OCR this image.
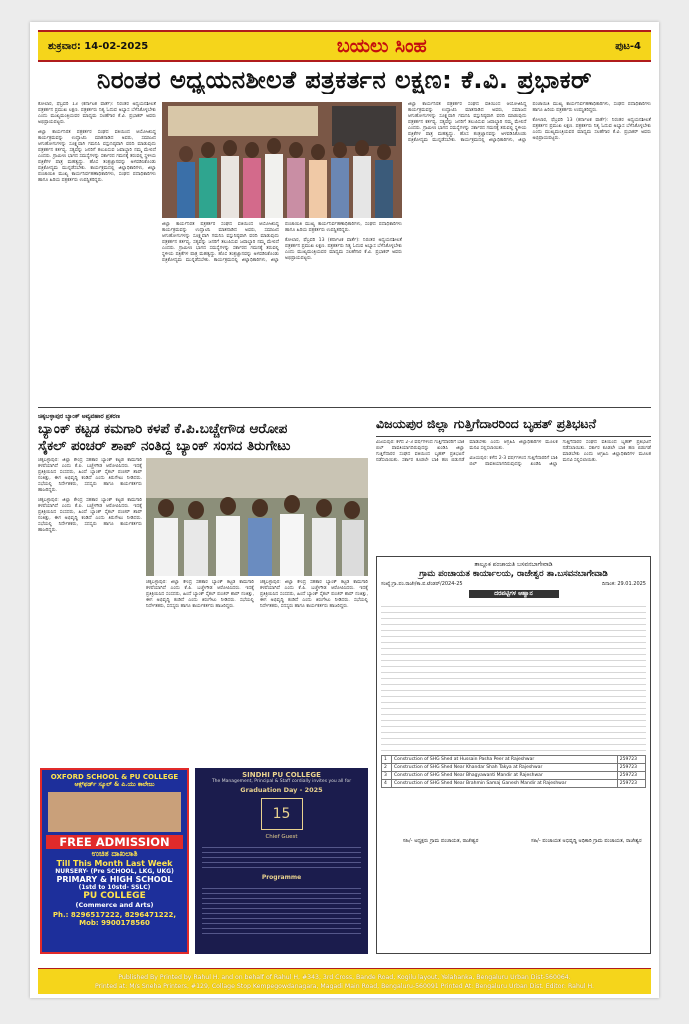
ಶುಕ್ರವಾರ: 14-02-2025	ಬಯಲು ಸಿಂಹ	ಪುಟ-4
ನಿರಂತರ ಅಧ್ಯಯನಶೀಲತೆ ಪತ್ರಕರ್ತನ ಲಕ್ಷಣ: ಕೆ.ವಿ. ಪ್ರಭಾಕರ್

ಕೋಲಾರ, ಫೆಬ್ರವರಿ 13 (ಕರ್ನಾಟಕ ವಾರ್ತೆ): ನಿರಂತರ ಅಧ್ಯಯನಶೀಲತೆ ಪತ್ರಕರ್ತನ ಪ್ರಮುಖ ಲಕ್ಷಣ. ಪತ್ರಕರ್ತರು ನಿತ್ಯ ಓದುವ ಅಭ್ಯಾಸ ಬೆಳೆಸಿಕೊಳ್ಳಬೇಕು ಎಂದು ಮುಖ್ಯಮಂತ್ರಿಯವರ ಮಾಧ್ಯಮ ಸಲಹೆಗಾರ ಕೆ.ವಿ. ಪ್ರಭಾಕರ್ ಅವರು ಅಭಿಪ್ರಾಯಪಟ್ಟರು.

ಜಿಲ್ಲಾ ಕಾರ್ಯನಿರತ ಪತ್ರಕರ್ತರ ಸಂಘದ ವತಿಯಿಂದ ಆಯೋಜಿಸಿದ್ದ ಕಾರ್ಯಕ್ರಮವನ್ನು ಉದ್ಘಾಟಿಸಿ ಮಾತನಾಡಿದ ಅವರು, ಸಮಾಜದ ಆಗುಹೋಗುಗಳನ್ನು ಸೂಕ್ಷ್ಮವಾಗಿ ಗಮನಿಸಿ ವಸ್ತುನಿಷ್ಠವಾಗಿ ವರದಿ ಮಾಡುವುದು ಪತ್ರಕರ್ತನ ಕರ್ತವ್ಯ. ಸತ್ಯವನ್ನು ಜನರಿಗೆ ತಲುಪಿಸುವ ಜವಾಬ್ದಾರಿ ನಮ್ಮ ಮೇಲಿದೆ ಎಂದರು. ಗ್ರಾಮೀಣ ಭಾಗದ ಸಮಸ್ಯೆಗಳನ್ನು ಸರ್ಕಾರದ ಗಮನಕ್ಕೆ ತರುವಲ್ಲಿ ಸ್ಥಳೀಯ ಪತ್ರಿಕೆಗಳ ಪಾತ್ರ ಮಹತ್ವದ್ದು. ಹೊಸ ತಂತ್ರಜ್ಞಾನವನ್ನು ಅಳವಡಿಸಿಕೊಂಡು ಪತ್ರಿಕೋದ್ಯಮ ಮುನ್ನಡೆಸಬೇಕು. ಕಾರ್ಯಕ್ರಮದಲ್ಲಿ ಜಿಲ್ಲಾಧಿಕಾರಿಗಳು, ಜಿಲ್ಲಾ ಪಂಚಾಯಿತಿ ಮುಖ್ಯ ಕಾರ್ಯನಿರ್ವಹಣಾಧಿಕಾರಿಗಳು, ಸಂಘದ ಪದಾಧಿಕಾರಿಗಳು ಹಾಗೂ ಹಿರಿಯ ಪತ್ರಕರ್ತರು ಉಪಸ್ಥಿತರಿದ್ದರು.

ಜಿಲ್ಲಾ ಕಾರ್ಯನಿರತ ಪತ್ರಕರ್ತರ ಸಂಘದ ವತಿಯಿಂದ ಆಯೋಜಿಸಿದ್ದ ಕಾರ್ಯಕ್ರಮವನ್ನು ಉದ್ಘಾಟಿಸಿ ಮಾತನಾಡಿದ ಅವರು, ಸಮಾಜದ ಆಗುಹೋಗುಗಳನ್ನು ಸೂಕ್ಷ್ಮವಾಗಿ ಗಮನಿಸಿ ವಸ್ತುನಿಷ್ಠವಾಗಿ ವರದಿ ಮಾಡುವುದು ಪತ್ರಕರ್ತನ ಕರ್ತವ್ಯ. ಸತ್ಯವನ್ನು ಜನರಿಗೆ ತಲುಪಿಸುವ ಜವಾಬ್ದಾರಿ ನಮ್ಮ ಮೇಲಿದೆ ಎಂದರು. ಗ್ರಾಮೀಣ ಭಾಗದ ಸಮಸ್ಯೆಗಳನ್ನು ಸರ್ಕಾರದ ಗಮನಕ್ಕೆ ತರುವಲ್ಲಿ ಸ್ಥಳೀಯ ಪತ್ರಿಕೆಗಳ ಪಾತ್ರ ಮಹತ್ವದ್ದು. ಹೊಸ ತಂತ್ರಜ್ಞಾನವನ್ನು ಅಳವಡಿಸಿಕೊಂಡು ಪತ್ರಿಕೋದ್ಯಮ ಮುನ್ನಡೆಸಬೇಕು. ಕಾರ್ಯಕ್ರಮದಲ್ಲಿ ಜಿಲ್ಲಾಧಿಕಾರಿಗಳು, ಜಿಲ್ಲಾ ಪಂಚಾಯಿತಿ ಮುಖ್ಯ ಕಾರ್ಯನಿರ್ವಹಣಾಧಿಕಾರಿಗಳು, ಸಂಘದ ಪದಾಧಿಕಾರಿಗಳು ಹಾಗೂ ಹಿರಿಯ ಪತ್ರಕರ್ತರು ಉಪಸ್ಥಿತರಿದ್ದರು.

ಕೋಲಾರ, ಫೆಬ್ರವರಿ 13 (ಕರ್ನಾಟಕ ವಾರ್ತೆ): ನಿರಂತರ ಅಧ್ಯಯನಶೀಲತೆ ಪತ್ರಕರ್ತನ ಪ್ರಮುಖ ಲಕ್ಷಣ. ಪತ್ರಕರ್ತರು ನಿತ್ಯ ಓದುವ ಅಭ್ಯಾಸ ಬೆಳೆಸಿಕೊಳ್ಳಬೇಕು ಎಂದು ಮುಖ್ಯಮಂತ್ರಿಯವರ ಮಾಧ್ಯಮ ಸಲಹೆಗಾರ ಕೆ.ವಿ. ಪ್ರಭಾಕರ್ ಅವರು ಅಭಿಪ್ರಾಯಪಟ್ಟರು.

ಜಿಲ್ಲಾ ಕಾರ್ಯನಿರತ ಪತ್ರಕರ್ತರ ಸಂಘದ ವತಿಯಿಂದ ಆಯೋಜಿಸಿದ್ದ ಕಾರ್ಯಕ್ರಮವನ್ನು ಉದ್ಘಾಟಿಸಿ ಮಾತನಾಡಿದ ಅವರು, ಸಮಾಜದ ಆಗುಹೋಗುಗಳನ್ನು ಸೂಕ್ಷ್ಮವಾಗಿ ಗಮನಿಸಿ ವಸ್ತುನಿಷ್ಠವಾಗಿ ವರದಿ ಮಾಡುವುದು ಪತ್ರಕರ್ತನ ಕರ್ತವ್ಯ. ಸತ್ಯವನ್ನು ಜನರಿಗೆ ತಲುಪಿಸುವ ಜವಾಬ್ದಾರಿ ನಮ್ಮ ಮೇಲಿದೆ ಎಂದರು. ಗ್ರಾಮೀಣ ಭಾಗದ ಸಮಸ್ಯೆಗಳನ್ನು ಸರ್ಕಾರದ ಗಮನಕ್ಕೆ ತರುವಲ್ಲಿ ಸ್ಥಳೀಯ ಪತ್ರಿಕೆಗಳ ಪಾತ್ರ ಮಹತ್ವದ್ದು. ಹೊಸ ತಂತ್ರಜ್ಞಾನವನ್ನು ಅಳವಡಿಸಿಕೊಂಡು ಪತ್ರಿಕೋದ್ಯಮ ಮುನ್ನಡೆಸಬೇಕು. ಕಾರ್ಯಕ್ರಮದಲ್ಲಿ ಜಿಲ್ಲಾಧಿಕಾರಿಗಳು, ಜಿಲ್ಲಾ ಪಂಚಾಯಿತಿ ಮುಖ್ಯ ಕಾರ್ಯನಿರ್ವಹಣಾಧಿಕಾರಿಗಳು, ಸಂಘದ ಪದಾಧಿಕಾರಿಗಳು ಹಾಗೂ ಹಿರಿಯ ಪತ್ರಕರ್ತರು ಉಪಸ್ಥಿತರಿದ್ದರು.

ಕೋಲಾರ, ಫೆಬ್ರವರಿ 13 (ಕರ್ನಾಟಕ ವಾರ್ತೆ): ನಿರಂತರ ಅಧ್ಯಯನಶೀಲತೆ ಪತ್ರಕರ್ತನ ಪ್ರಮುಖ ಲಕ್ಷಣ. ಪತ್ರಕರ್ತರು ನಿತ್ಯ ಓದುವ ಅಭ್ಯಾಸ ಬೆಳೆಸಿಕೊಳ್ಳಬೇಕು ಎಂದು ಮುಖ್ಯಮಂತ್ರಿಯವರ ಮಾಧ್ಯಮ ಸಲಹೆಗಾರ ಕೆ.ವಿ. ಪ್ರಭಾಕರ್ ಅವರು ಅಭಿಪ್ರಾಯಪಟ್ಟರು.

ಚಿಕ್ಕಬಳ್ಳಾಪುರ ಬ್ಯಾಂಕ್ ಅವ್ಯವಹಾರ ಪ್ರಕರಣ
ಬ್ಯಾಂಕ್ ಕಟ್ಟಡ ಕಮಗಾರಿ ಕಳಪೆ ಕೆ.ಪಿ.ಬಚ್ಚೇಗೌಡ ಆರೋಪ
ಸೈಕಲ್ ಪಂಚರ್ ಶಾಪ್ ನಂತಿದ್ದ ಬ್ಯಾಂಕ್ ಸಂಸದ ತಿರುಗೇಟು

ಚಿಕ್ಕಬಳ್ಳಾಪುರ: ಜಿಲ್ಲಾ ಕೇಂದ್ರ ಸಹಕಾರ ಬ್ಯಾಂಕ್ ಕಟ್ಟಡ ಕಾಮಗಾರಿ ಕಳಪೆಯಾಗಿದೆ ಎಂದು ಕೆ.ಪಿ. ಬಚ್ಚೇಗೌಡ ಆರೋಪಿಸಿದರು. ಇದಕ್ಕೆ ಪ್ರತಿಕ್ರಿಯಿಸಿದ ಸಂಸದರು, ಹಿಂದೆ ಬ್ಯಾಂಕ್ ಸೈಕಲ್ ಪಂಚರ್ ಶಾಪ್ ನಂತಿತ್ತು, ಈಗ ಅಭಿವೃದ್ಧಿ ಕಂಡಿದೆ ಎಂದು ತಿರುಗೇಟು ನೀಡಿದರು. ಸಭೆಯಲ್ಲಿ ನಿರ್ದೇಶಕರು, ಸದಸ್ಯರು ಹಾಗೂ ಕಾರ್ಯಕರ್ತರು ಹಾಜರಿದ್ದರು.

ಚಿಕ್ಕಬಳ್ಳಾಪುರ: ಜಿಲ್ಲಾ ಕೇಂದ್ರ ಸಹಕಾರ ಬ್ಯಾಂಕ್ ಕಟ್ಟಡ ಕಾಮಗಾರಿ ಕಳಪೆಯಾಗಿದೆ ಎಂದು ಕೆ.ಪಿ. ಬಚ್ಚೇಗೌಡ ಆರೋಪಿಸಿದರು. ಇದಕ್ಕೆ ಪ್ರತಿಕ್ರಿಯಿಸಿದ ಸಂಸದರು, ಹಿಂದೆ ಬ್ಯಾಂಕ್ ಸೈಕಲ್ ಪಂಚರ್ ಶಾಪ್ ನಂತಿತ್ತು, ಈಗ ಅಭಿವೃದ್ಧಿ ಕಂಡಿದೆ ಎಂದು ತಿರುಗೇಟು ನೀಡಿದರು. ಸಭೆಯಲ್ಲಿ ನಿರ್ದೇಶಕರು, ಸದಸ್ಯರು ಹಾಗೂ ಕಾರ್ಯಕರ್ತರು ಹಾಜರಿದ್ದರು.

ಚಿಕ್ಕಬಳ್ಳಾಪುರ: ಜಿಲ್ಲಾ ಕೇಂದ್ರ ಸಹಕಾರ ಬ್ಯಾಂಕ್ ಕಟ್ಟಡ ಕಾಮಗಾರಿ ಕಳಪೆಯಾಗಿದೆ ಎಂದು ಕೆ.ಪಿ. ಬಚ್ಚೇಗೌಡ ಆರೋಪಿಸಿದರು. ಇದಕ್ಕೆ ಪ್ರತಿಕ್ರಿಯಿಸಿದ ಸಂಸದರು, ಹಿಂದೆ ಬ್ಯಾಂಕ್ ಸೈಕಲ್ ಪಂಚರ್ ಶಾಪ್ ನಂತಿತ್ತು, ಈಗ ಅಭಿವೃದ್ಧಿ ಕಂಡಿದೆ ಎಂದು ತಿರುಗೇಟು ನೀಡಿದರು. ಸಭೆಯಲ್ಲಿ ನಿರ್ದೇಶಕರು, ಸದಸ್ಯರು ಹಾಗೂ ಕಾರ್ಯಕರ್ತರು ಹಾಜರಿದ್ದರು.

ಚಿಕ್ಕಬಳ್ಳಾಪುರ: ಜಿಲ್ಲಾ ಕೇಂದ್ರ ಸಹಕಾರ ಬ್ಯಾಂಕ್ ಕಟ್ಟಡ ಕಾಮಗಾರಿ ಕಳಪೆಯಾಗಿದೆ ಎಂದು ಕೆ.ಪಿ. ಬಚ್ಚೇಗೌಡ ಆರೋಪಿಸಿದರು. ಇದಕ್ಕೆ ಪ್ರತಿಕ್ರಿಯಿಸಿದ ಸಂಸದರು, ಹಿಂದೆ ಬ್ಯಾಂಕ್ ಸೈಕಲ್ ಪಂಚರ್ ಶಾಪ್ ನಂತಿತ್ತು, ಈಗ ಅಭಿವೃದ್ಧಿ ಕಂಡಿದೆ ಎಂದು ತಿರುಗೇಟು ನೀಡಿದರು. ಸಭೆಯಲ್ಲಿ ನಿರ್ದೇಶಕರು, ಸದಸ್ಯರು ಹಾಗೂ ಕಾರ್ಯಕರ್ತರು ಹಾಜರಿದ್ದರು.

ವಿಜಯಪುರ ಜಿಲ್ಲಾ ಗುತ್ತಿಗೆದಾರರಿಂದ ಬೃಹತ್ ಪ್ರತಿಭಟನೆ

ವಿಜಯಪುರ: ಕಳೆದ 2-3 ವರ್ಷಗಳಿಂದ ಗುತ್ತಿಗೆದಾರರಿಗೆ ಬಾಕಿ ಬಿಲ್ ಪಾವತಿಯಾಗದಿರುವುದನ್ನು ಖಂಡಿಸಿ ಜಿಲ್ಲಾ ಗುತ್ತಿಗೆದಾರರ ಸಂಘದ ವತಿಯಿಂದ ಬೃಹತ್ ಪ್ರತಿಭಟನೆ ನಡೆಸಲಾಯಿತು. ಸರ್ಕಾರ ಕೂಡಲೇ ಬಾಕಿ ಹಣ ಬಿಡುಗಡೆ ಮಾಡಬೇಕು ಎಂದು ಆಗ್ರಹಿಸಿ ಜಿಲ್ಲಾಧಿಕಾರಿಗಳ ಮೂಲಕ ಮನವಿ ಸಲ್ಲಿಸಲಾಯಿತು.

ವಿಜಯಪುರ: ಕಳೆದ 2-3 ವರ್ಷಗಳಿಂದ ಗುತ್ತಿಗೆದಾರರಿಗೆ ಬಾಕಿ ಬಿಲ್ ಪಾವತಿಯಾಗದಿರುವುದನ್ನು ಖಂಡಿಸಿ ಜಿಲ್ಲಾ ಗುತ್ತಿಗೆದಾರರ ಸಂಘದ ವತಿಯಿಂದ ಬೃಹತ್ ಪ್ರತಿಭಟನೆ ನಡೆಸಲಾಯಿತು. ಸರ್ಕಾರ ಕೂಡಲೇ ಬಾಕಿ ಹಣ ಬಿಡುಗಡೆ ಮಾಡಬೇಕು ಎಂದು ಆಗ್ರಹಿಸಿ ಜಿಲ್ಲಾಧಿಕಾರಿಗಳ ಮೂಲಕ ಮನವಿ ಸಲ್ಲಿಸಲಾಯಿತು.

ತಾಲ್ಲೂಕ ಪಂಚಾಯತಿ ಬಸವನಬಾಗೇವಾಡಿ
ಗ್ರಾಮ ಪಂಚಾಯತ ಕಾರ್ಯಾಲಯ, ರಾಜೇಶ್ವರ ತಾ.ಬಸವನಬಾಗೇವಾಡಿ
ಸಂಖ್ಯೆ:ಗ್ರಾ.ಪಂ.ರಾಜೇ/ಕಾ.ಪ.ಟೆಂಡರ್/2024-25	ದಿನಾಂಕ: 29.01.2025
ದರಪಟ್ಟಿಗಳ ಆಹ್ವಾನ
1	Construction of SHG Shed at Hussain Pasha Peer at Rajeshwar	259723
2	Construction of SHG Shed Near Khandar Shah Takya at Rajeshwar	259723
3	Construction of SHG Shed Near Bhagyawanti Mandir at Rajeshwar	259723
4	Construction of SHG Shed Near Brahmin Samaj Ganesh Mandir at Rajeshwar	259723
ಸಹಿ/- ಅಧ್ಯಕ್ಷರು ಗ್ರಾಮ ಪಂಚಾಯತ, ರಾಜೇಶ್ವರ	ಸಹಿ/- ಪಂಚಾಯತ ಅಭಿವೃದ್ಧಿ ಅಧಿಕಾರಿ ಗ್ರಾಮ ಪಂಚಾಯತ, ರಾಜೇಶ್ವರ
OXFORD SCHOOL & PU COLLEGE
ಆಕ್ಸ್‌ಫರ್ಡ್ ಸ್ಕೂಲ್ & ಪಿ.ಯು ಕಾಲೇಜು
FREE ADMISSION
ಉಚಿತ ದಾಖಲಾತಿ
Till This Month Last Week
NURSERY- (Pre SCHOOL, LKG, UKG)
PRIMARY & HIGH SCHOOL
(1std to 10std- SSLC)
PU COLLEGE
(Commerce and Arts)
Ph.: 8296517222, 8296471222,
Mob: 9900178560
SINDHI PU COLLEGE
The Management, Principal & Staff cordially invites you all for
Graduation Day - 2025
15
Chief Guest
Programme
Published By Printed by Rahul H. and on behalf of Rahul H, #343, 3rd Cross, Bande Road, Kogilu layout, Yelahanka, Bengaluru Urban Dist-560064.
Printed at: M/s Sneha Printers, #129, Collage Stop Kempegowdanagara, Magadi Main Road, Bengaluru-560091 Printed At: Bengaluru Urban Dist. Editor: Rahul H.
